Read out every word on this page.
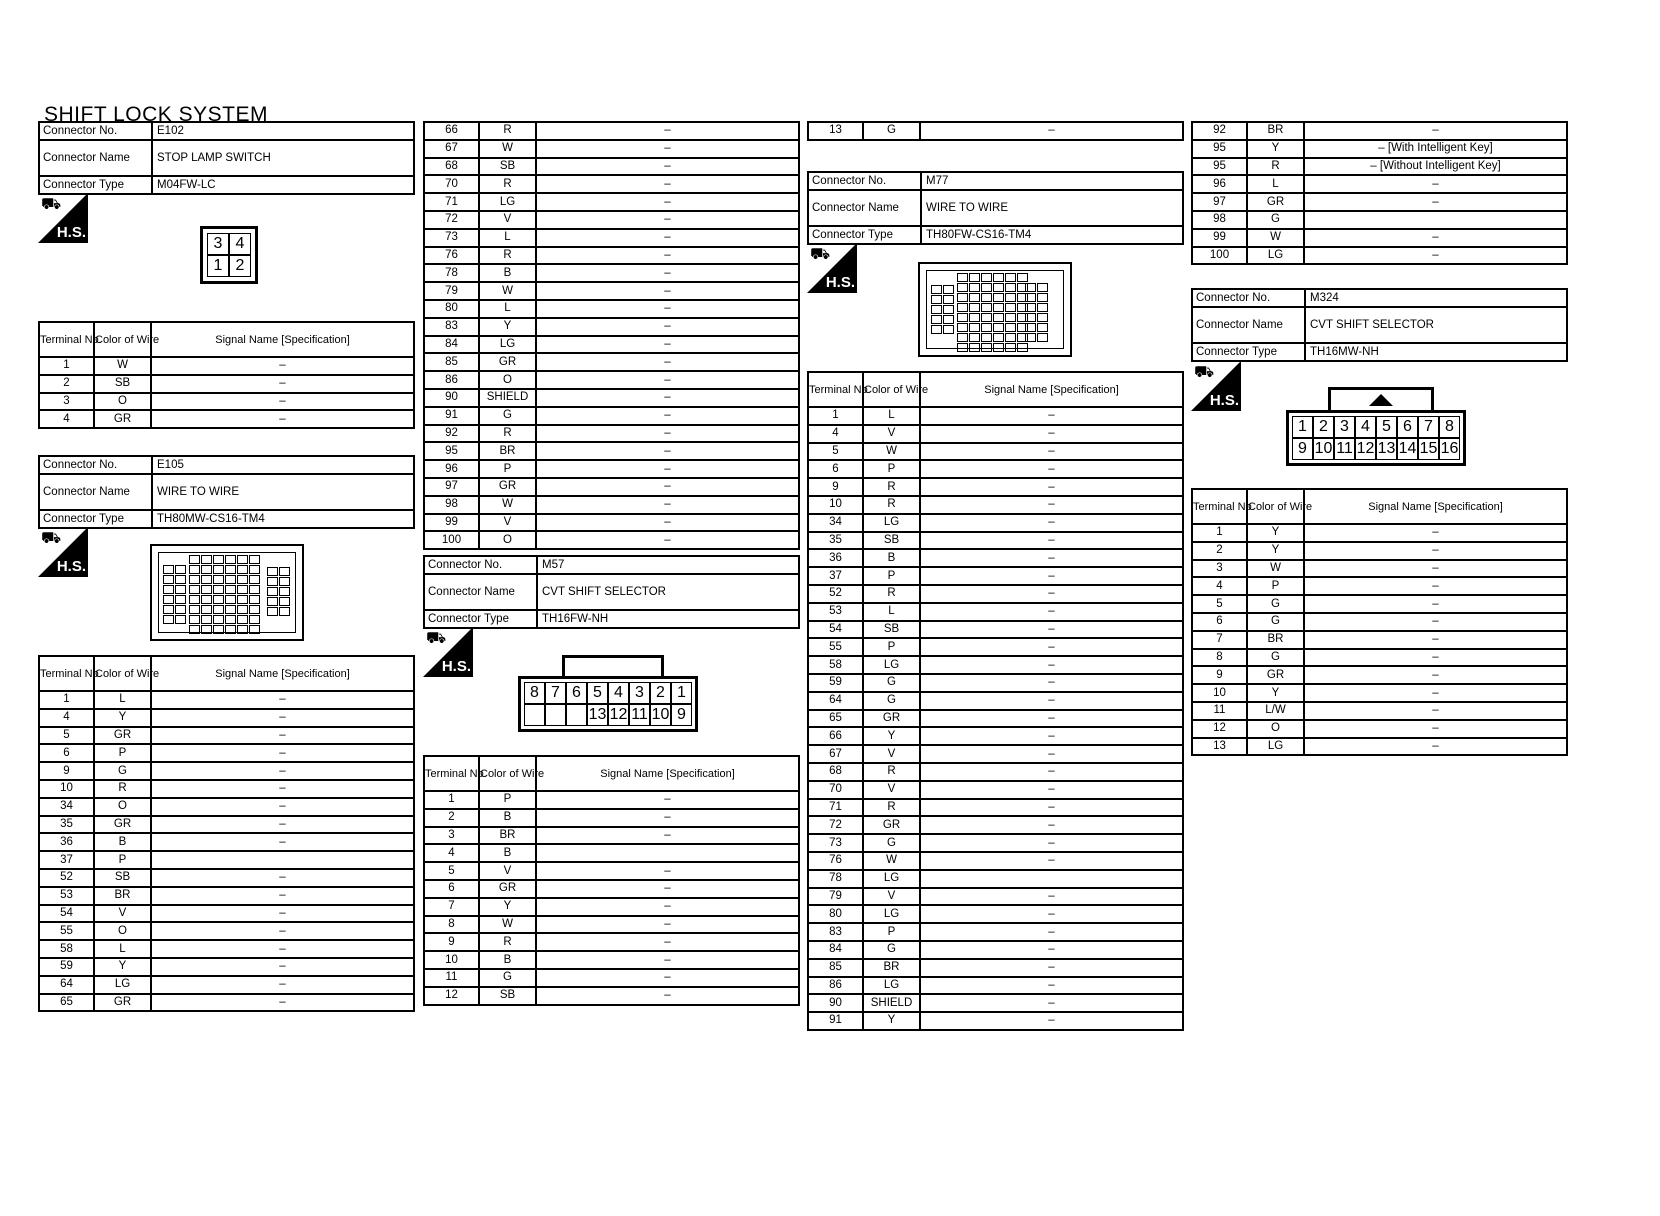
SHIFT LOCK SYSTEM
Connector No.	E102
Connector Name	STOP LAMP SWITCH
Connector Type	M04FW-LC
⛟
H.S.
3 4
1 2
Terminal No.	Color of Wire	Signal Name [Specification]
1	W	–
2	SB	–
3	O	–
4	GR	–
Connector No.	E105
Connector Name	WIRE TO WIRE
Connector Type	TH80MW-CS16-TM4
⛟
H.S.
Terminal No.	Color of Wire	Signal Name [Specification]
1	L	–
4	Y	–
5	GR	–
6	P	–
9	G	–
10	R	–
34	O	–
35	GR	–
36	B	–
37	P	
52	SB	–
53	BR	–
54	V	–
55	O	–
58	L	–
59	Y	–
64	LG	–
65	GR	–
66	R	–
67	W	–
68	SB	–
70	R	–
71	LG	–
72	V	–
73	L	–
76	R	–
78	B	–
79	W	–
80	L	–
83	Y	–
84	LG	–
85	GR	–
86	O	–
90	SHIELD	–
91	G	–
92	R	–
95	BR	–
96	P	–
97	GR	–
98	W	–
99	V	–
100	O	–
Connector No.	M57
Connector Name	CVT SHIFT SELECTOR
Connector Type	TH16FW-NH
⛟
H.S.
8 7 6 5 4 3 2 1
13 12 11 10 9
Terminal No.	Color of Wire	Signal Name [Specification]
1	P	–
2	B	–
3	BR	–
4	B	
5	V	–
6	GR	–
7	Y	–
8	W	–
9	R	–
10	B	–
11	G	–
12	SB	–
13	G	–
Connector No.	M77
Connector Name	WIRE TO WIRE
Connector Type	TH80FW-CS16-TM4
⛟
H.S.
Terminal No.	Color of Wire	Signal Name [Specification]
1	L	–
4	V	–
5	W	–
6	P	–
9	R	–
10	R	–
34	LG	–
35	SB	–
36	B	–
37	P	–
52	R	–
53	L	–
54	SB	–
55	P	–
58	LG	–
59	G	–
64	G	–
65	GR	–
66	Y	–
67	V	–
68	R	–
70	V	–
71	R	–
72	GR	–
73	G	–
76	W	–
78	LG	
79	V	–
80	LG	–
83	P	–
84	G	–
85	BR	–
86	LG	–
90	SHIELD	–
91	Y	–
92	BR	–
95	Y	– [With Intelligent Key]
95	R	– [Without Intelligent Key]
96	L	–
97	GR	–
98	G	
99	W	–
100	LG	–
Connector No.	M324
Connector Name	CVT SHIFT SELECTOR
Connector Type	TH16MW-NH
⛟
H.S.
1 2 3 4 5 6 7 8
9 10 11 12 13 14 15 16
Terminal No.	Color of Wire	Signal Name [Specification]
1	Y	–
2	Y	–
3	W	–
4	P	–
5	G	–
6	G	–
7	BR	–
8	G	–
9	GR	–
10	Y	–
11	L/W	–
12	O	–
13	LG	–
